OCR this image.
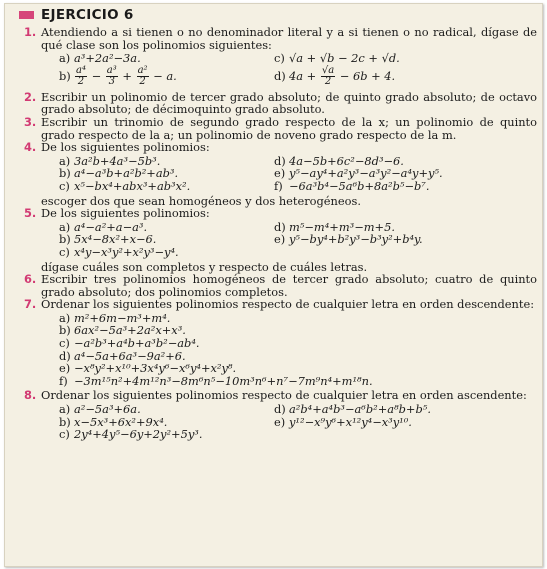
EJERCICIO 6
1. Atendiendo a si tienen o no denominador literal y a si tienen o no radical, dígase de qué clase son los polinomios siguientes:

a) a³+2a²−3a.	c) √a + √b − 2c + √d.
$b) \frac{\text{a⁴}}{2} - \frac{\text{a³}}{3} + \frac{\text{a²}}{2} - a$.	d) $4a + \frac{√a}{2} - 6b + 4$.
2. Escribir un polinomio de tercer grado absoluto; de quinto grado absoluto; de octavo grado absoluto; de décimoquinto grado absoluto.

3. Escribir un trinomio de segundo grado respecto de la x; un polinomio de quinto grado respecto de la a; un polinomio de noveno grado respecto de la m.

4. De los siguientes polinomios:

a) 3a²b+4a³−5b³.	d) 4a−5b+6c²−8d³−6.
b) a⁴−a³b+a²b²+ab³.	e) y⁵−ay⁴+a²y³−a³y²−a⁴y+y⁵.
c) x⁵−bx⁴+abx³+ab³x².	f) −6a³b⁴−5a⁶b+8a²b⁵−b⁷.

escoger dos que sean homogéneos y dos heterogéneos.

5. De los siguientes polinomios:

a) a⁴−a²+a−a³.	d) m⁵−m⁴+m³−m+5.
b) 5x⁴−8x²+x−6.	e) y⁵−by⁴+b²y³−b³y²+b⁴y.
c) x⁴y−x³y²+x²y³−y⁴.

dígase cuáles son completos y respecto de cuáles letras.

6. Escribir tres polinomios homogéneos de tercer grado absoluto; cuatro de quinto grado absoluto; dos polinomios completos.

7. Ordenar los siguientes polinomios respecto de cualquier letra en orden descendente:

a) m²+6m−m³+m⁴.
b) 6ax²−5a³+2a²x+x³.
c) −a²b³+a⁴b+a³b²−ab⁴.
d) a⁴−5a+6a³−9a²+6.
e) −x⁸y²+x¹⁰+3x⁴y⁶−x⁶y⁴+x²y⁸.
f) −3m¹⁵n²+4m¹²n³−8m⁶n⁵−10m³n⁶+n⁷−7m⁹n⁴+m¹⁸n.
8. Ordenar los siguientes polinomios respecto de cualquier letra en orden ascendente:

a) a²−5a³+6a.	d) a²b⁴+a⁴b³−a⁶b²+a⁸b+b⁵.
b) x−5x³+6x²+9x⁴.	e) y¹²−x⁹y⁶+x¹²y⁴−x³y¹⁰.
c) 2y⁴+4y⁵−6y+2y²+5y³.
